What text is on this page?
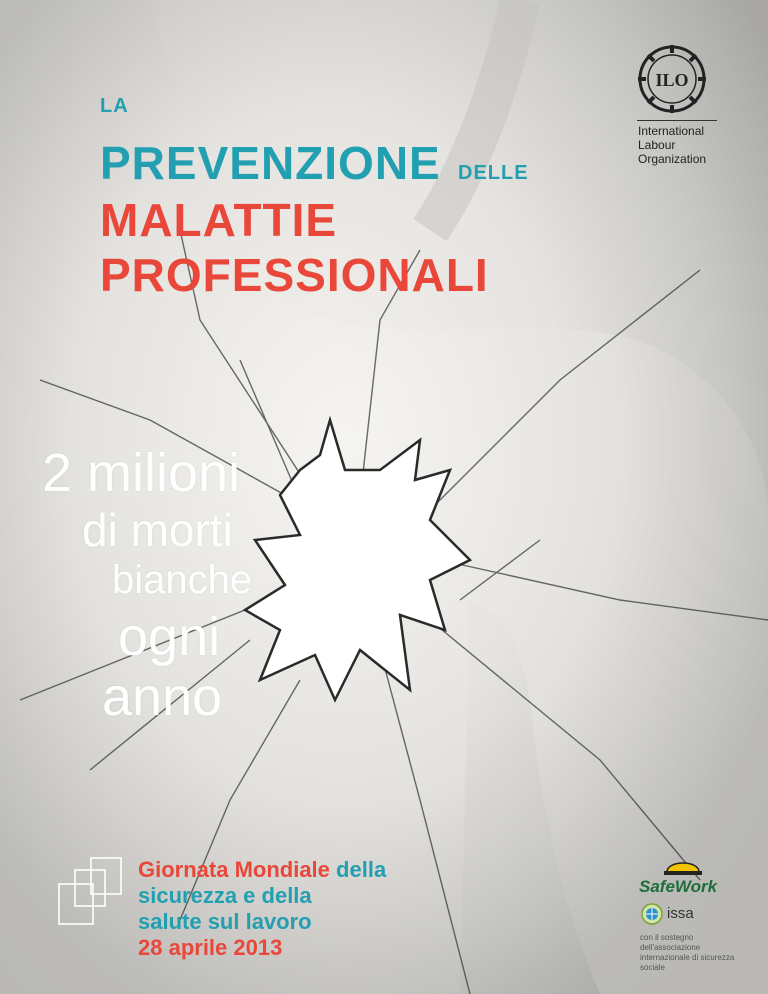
LA
PREVENZIONE DELLE
MALATTIE
PROFESSIONALI
2 milioni
di morti
bianche
ogni
anno
ILO
International
Labour
Organization
Giornata Mondiale della
sicurezza e della
salute sul lavoro
28 aprile 2013
SafeWork
issa
con il sostegno
dell'associazione
internazionale di sicurezza
sociale
